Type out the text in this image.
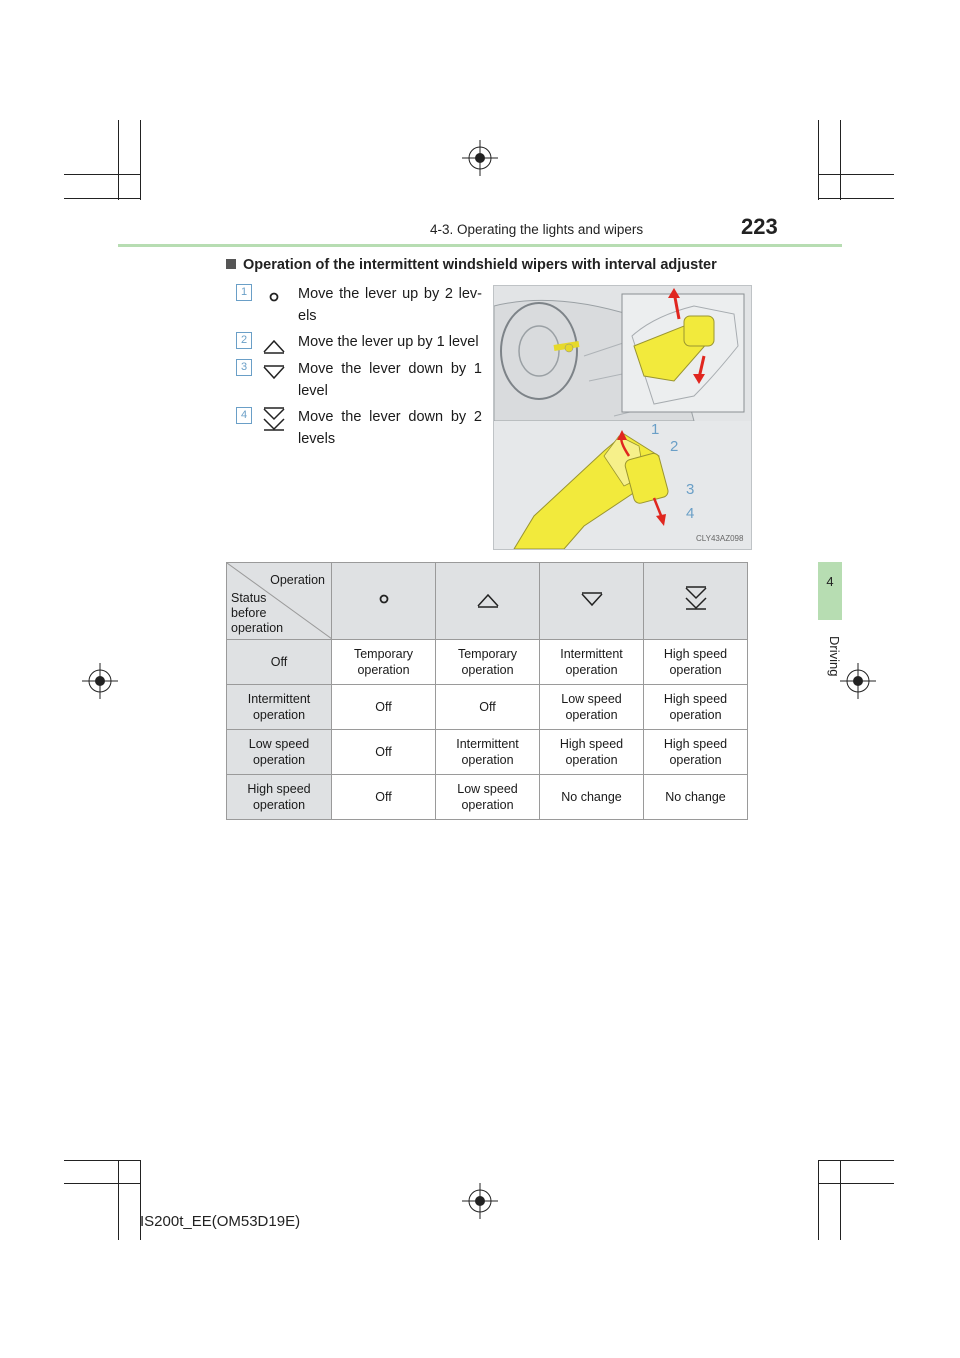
4-3. Operating the lights and wipers	223
4
Driving
Operation of the intermittent windshield wipers with interval adjuster
1	Move the lever up by 2 lev-els
2	Move the lever up by 1 level
3	Move the lever down by 1 level
4	Move the lever down by 2 levels
1
2
3
4
CLY43AZ098
Operation
Status before operation

Off	Temporary operation	Temporary operation	Intermittent operation	High speed operation
Intermittent operation	Off	Off	Low speed operation	High speed operation
Low speed operation	Off	Intermittent operation	High speed operation	High speed operation
High speed operation	Off	Low speed operation	No change	No change
IS200t_EE(OM53D19E)
